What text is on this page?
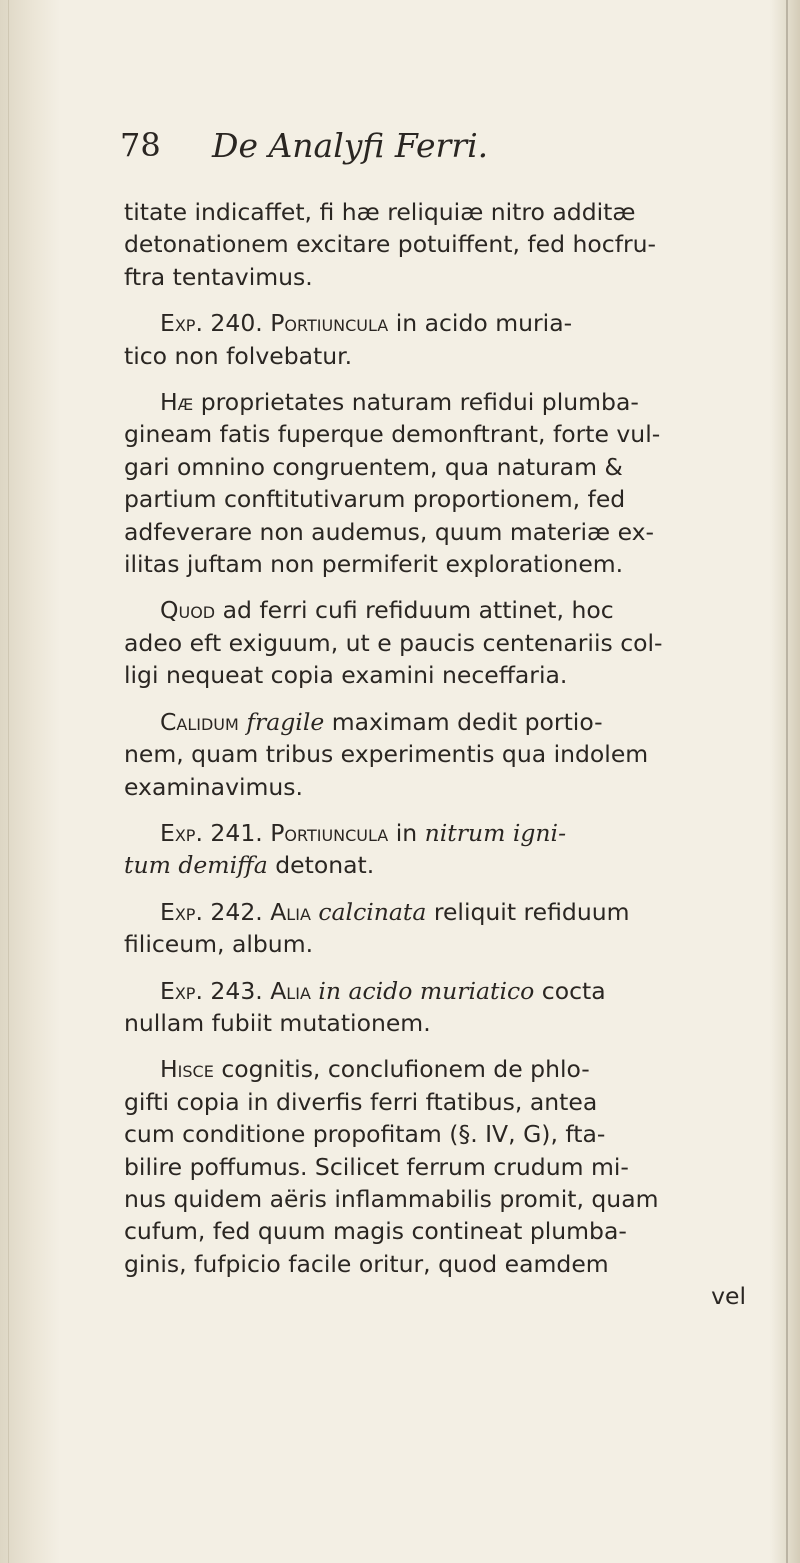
78 De Analyfi Ferri.
titate indicaffet, fi hæ reliquiæ nitro additæ
detonationem excitare potuiffent, fed hocfru-
ftra tentavimus.
Exp. 240. Portiuncula in acido muria-
tico non folvebatur.
Hæ proprietates naturam refidui plumba-
gineam fatis fuperque demonftrant, forte vul-
gari omnino congruentem, qua naturam &
partium conftitutivarum proportionem, fed
adfeverare non audemus, quum materiæ ex-
ilitas juftam non permiferit explorationem.
Quod ad ferri cufi refiduum attinet, hoc
adeo eft exiguum, ut e paucis centenariis col-
ligi nequeat copia examini neceffaria.
Calidum fragile maximam dedit portio-
nem, quam tribus experimentis qua indolem
examinavimus.
Exp. 241. Portiuncula in nitrum igni-
tum demiffa detonat.
Exp. 242. Alia calcinata reliquit refiduum
filiceum, album.
Exp. 243. Alia in acido muriatico cocta
nullam fubiit mutationem.
Hisce cognitis, conclufionem de phlo-
gifti copia in diverfis ferri ftatibus, antea
cum conditione propofitam (§. IV, G), fta-
bilire poffumus. Scilicet ferrum crudum mi-
nus quidem aëris inflammabilis promit, quam
cufum, fed quum magis contineat plumba-
ginis, fufpicio facile oritur, quod eamdem
vel
